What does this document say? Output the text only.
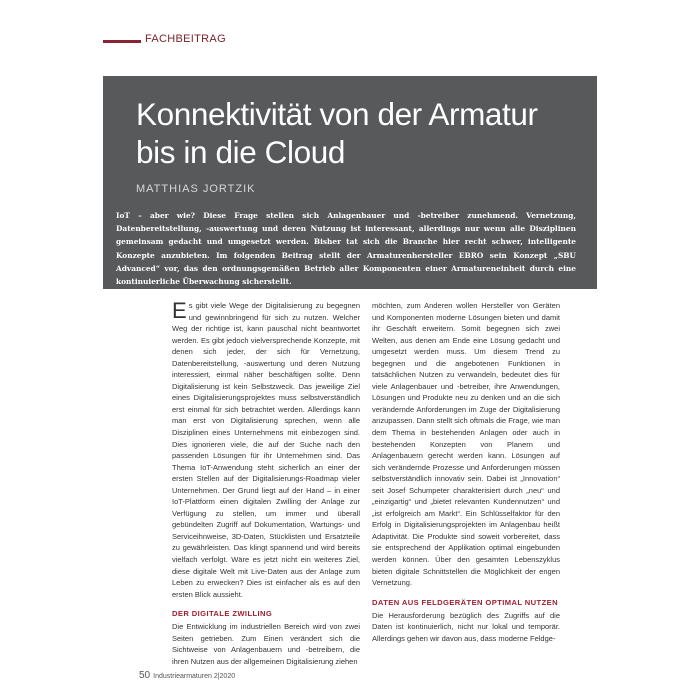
FACHBEITRAG
Konnektivität von der Armatur
bis in die Cloud
MATTHIAS JORTZIK
IoT – aber wie? Diese Frage stellen sich Anlagenbauer und -betreiber zunehmend. Vernetzung, Datenbereitstellung, -auswertung und deren Nutzung ist interessant, allerdings nur wenn alle Disziplinen gemeinsam gedacht und umgesetzt werden. Bisher tat sich die Branche hier recht schwer, intelligente Konzepte anzubieten. Im folgenden Beitrag stellt der Armaturenhersteller EBRO sein Konzept „SBU Advanced“ vor, das den ordnungsgemäßen Betrieb aller Komponenten einer Armatureneinheit durch eine kontinuierliche Überwachung sicherstellt.

Es gibt viele Wege der Digitalisierung zu begegnen und gewinnbringend für sich zu nutzen. Welcher Weg der richtige ist, kann pauschal nicht beantwortet werden. Es gibt jedoch vielversprechende Konzepte, mit denen sich jeder, der sich für Vernetzung, Datenbereitstellung, -auswertung und deren Nutzung interessiert, einmal näher beschäftigen sollte. Denn Digitalisierung ist kein Selbstzweck. Das jeweilige Ziel eines Digitalisierungsprojektes muss selbstverständlich erst einmal für sich betrachtet werden. Allerdings kann man erst von Digitalisierung sprechen, wenn alle Disziplinen eines Unternehmens mit einbezogen sind. Dies ignorieren viele, die auf der Suche nach den passenden Lösungen für ihr Unternehmen sind. Das Thema IoT-Anwendung steht sicherlich an einer der ersten Stellen auf der Digitalisierungs-Roadmap vieler Unternehmen. Der Grund liegt auf der Hand – in einer IoT-Plattform einen digitalen Zwilling der Anlage zur Verfügung zu stellen, um immer und überall gebündelten Zugriff auf Dokumentation, Wartungs- und Serviceihnweise, 3D-Daten, Stücklisten und Ersatzteile zu gewährleisten. Das klingt spannend und wird bereits vielfach verfolgt. Wäre es jetzt nicht ein weiteres Ziel, diese digitale Welt mit Live-Daten aus der Anlage zum Leben zu erwecken? Dies ist einfacher als es auf den ersten Blick aussieht.

DER DIGITALE ZWILLING

Die Entwicklung im industriellen Bereich wird von zwei Seiten getrieben. Zum Einen verändert sich die Sichtweise von Anlagenbauern und -betreibern, die ihren Nutzen aus der allgemeinen Digitalisierung ziehen

möchten, zum Anderen wollen Hersteller von Geräten und Komponenten moderne Lösungen bieten und damit ihr Geschäft erweitern. Somit begegnen sich zwei Welten, aus denen am Ende eine Lösung gedacht und umgesetzt werden muss. Um diesem Trend zu begegnen und die angebotenen Funktionen in tatsächlichen Nutzen zu verwandeln, bedeutet dies für viele Anlagenbauer und -betreiber, ihre Anwendungen, Lösungen und Produkte neu zu denken und an die sich verändernde Anforderungen im Zuge der Digitalisierung anzupassen. Dann stellt sich oftmals die Frage, wie man dem Thema in bestehenden Anlagen oder auch in bestehenden Konzepten von Planern und Anlagenbauern gerecht werden kann. Lösungen auf sich verändernde Prozesse und Anforderungen müssen selbstverständlich innovativ sein. Dabei ist „Innovation“ seit Josef Schumpeter charakterisiert durch „neu“ und „einzigartig“ und „bietet relevanten Kundennutzen“ und „ist erfolgreich am Markt“. Ein Schlüsselfaktor für den Erfolg in Digitalisierungsprojekten im Anlagenbau heißt Adaptivität. Die Produkte sind soweit vorbereitet, dass sie entsprechend der Applikation optimal eingebunden werden können. Über den gesamten Lebenszyklus bieten digitale Schnittstellen die Möglichkeit der engen Vernetzung.

DATEN AUS FELDGERÄTEN OPTIMAL NUTZEN

Die Herausforderung bezüglich des Zugriffs auf die Daten ist kontinuierlich, nicht nur lokal und temporär. Allerdings gehen wir davon aus, dass moderne Feldge-

50 Industriearmaturen 2|2020
